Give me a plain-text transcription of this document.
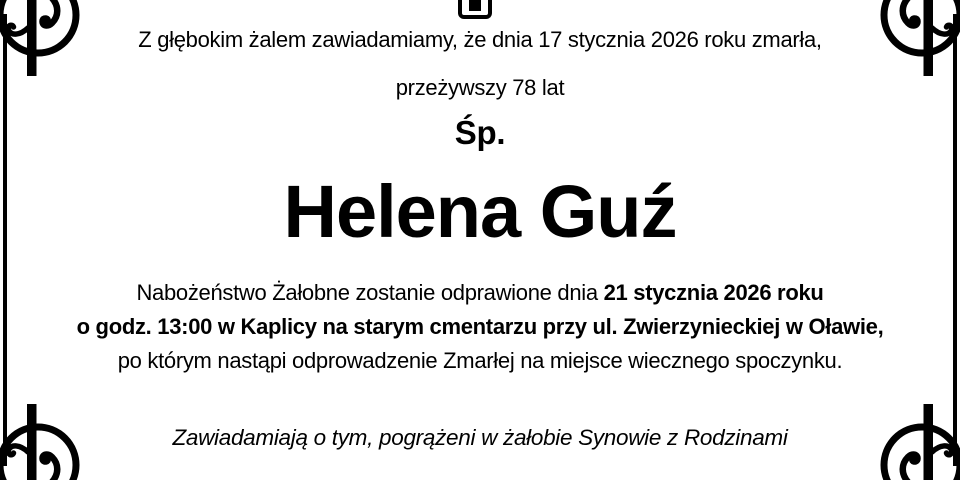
Z głębokim żalem zawiadamiamy, że dnia 17 stycznia 2026 roku zmarła,
przeżywszy 78 lat
Śp.
Helena Guź
Nabożeństwo Żałobne zostanie odprawione dnia 21 stycznia 2026 roku
o godz. 13:00 w Kaplicy na starym cmentarzu przy ul. Zwierzynieckiej w Oławie,
po którym nastąpi odprowadzenie Zmarłej na miejsce wiecznego spoczynku.
Zawiadamiają o tym, pogrążeni w żałobie Synowie z Rodzinami
